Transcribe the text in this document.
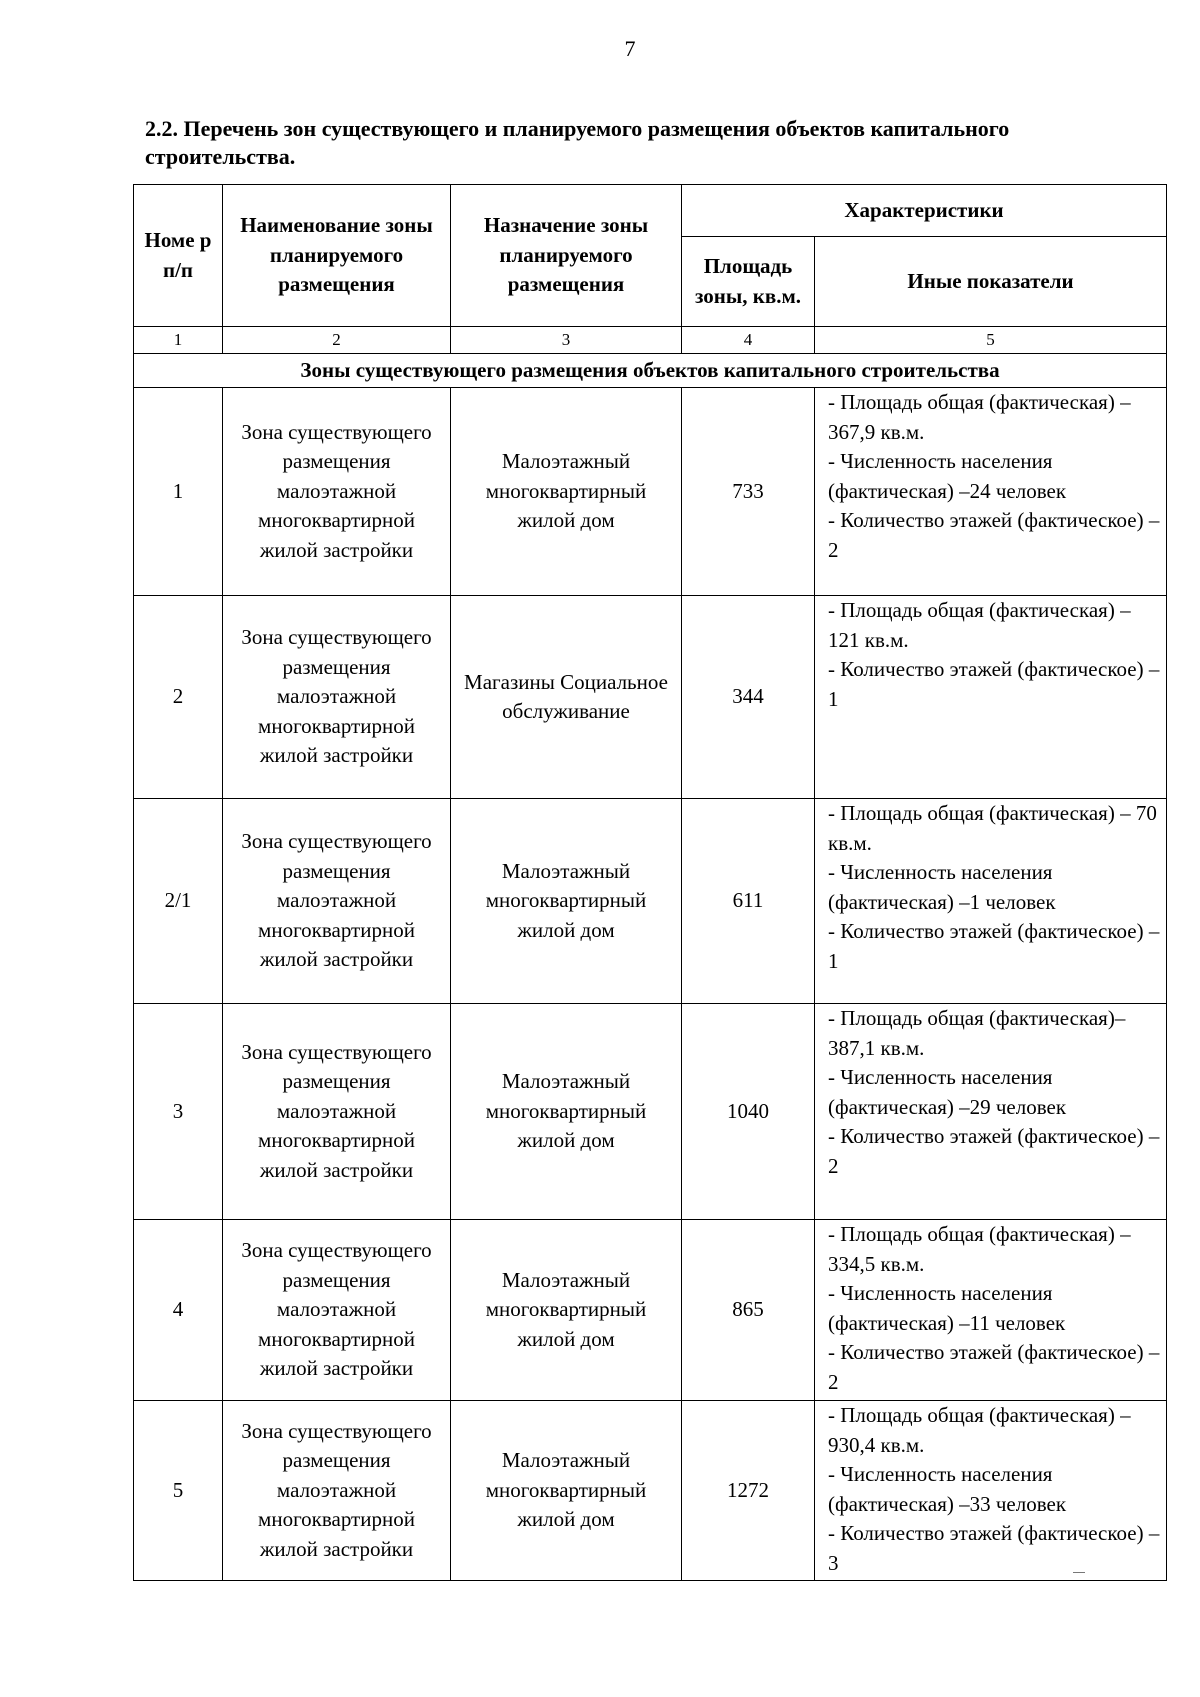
7
2.2. Перечень зон существующего и планируемого размещения объектов капитального строительства.
Номе р п/п	Наименование зоны планируемого размещения	Назначение зоны планируемого размещения	Характеристики	
			Площадь зоны, кв.м.	Иные показатели
1	2	3	4	5
Зоны существующего размещения объектов капитального строительства				
1	Зона существующего размещения малоэтажной многоквартирной жилой застройки	Малоэтажный многоквартирный жилой дом	733	- Площадь общая (фактическая) – 367,9 кв.м.
- Численность населения (фактическая) –24 человек
- Количество этажей (фактическое) – 2

2	Зона существующего размещения малоэтажной многоквартирной жилой застройки	Магазины Социальное обслуживание	344	- Площадь общая (фактическая) – 121 кв.м.
- Количество этажей (фактическое) – 1

2/1	Зона существующего размещения малоэтажной многоквартирной жилой застройки	Малоэтажный многоквартирный жилой дом	611	- Площадь общая (фактическая) – 70 кв.м.
- Численность населения (фактическая) –1 человек
- Количество этажей (фактическое) – 1

3	Зона существующего размещения малоэтажной многоквартирной жилой застройки	Малоэтажный многоквартирный жилой дом	1040	- Площадь общая (фактическая)– 387,1 кв.м.
- Численность населения (фактическая) –29 человек
- Количество этажей (фактическое) – 2

4	Зона существующего размещения малоэтажной многоквартирной жилой застройки	Малоэтажный многоквартирный жилой дом	865	- Площадь общая (фактическая) – 334,5 кв.м.
- Численность населения (фактическая) –11 человек
- Количество этажей (фактическое) – 2

5	Зона существующего размещения малоэтажной многоквартирной жилой застройки	Малоэтажный многоквартирный жилой дом	1272	- Площадь общая (фактическая) – 930,4 кв.м.
- Численность населения (фактическая) –33 человек
- Количество этажей (фактическое) – 3
